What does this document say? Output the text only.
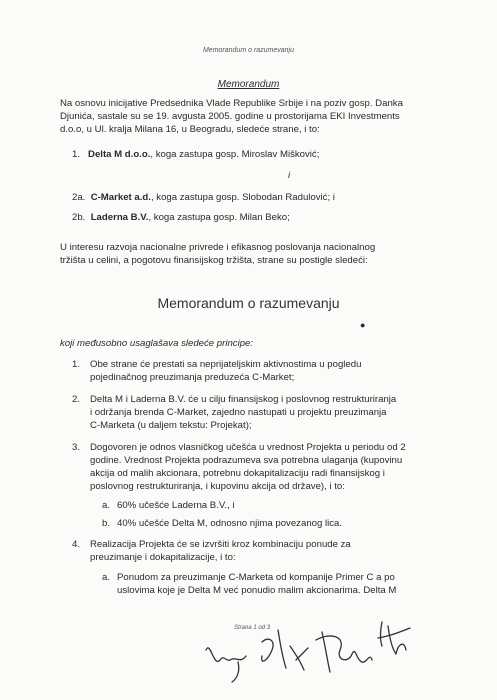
Memorandum o razumevanju
Memorandum
Na osnovu inicijative Predsednika Vlade Republike Srbije i na poziv gosp. Danka
Djunića, sastale su se 19. avgusta 2005. godine u prostorijama EKI Investments
d.o.o, u Ul. kralja Milana 16, u Beogradu, sledeće strane, i to:
1. Delta M d.o.o., koga zastupa gosp. Miroslav Mišković;
i
2a. C-Market a.d., koga zastupa gosp. Slobodan Radulović; i
2b. Laderna B.V., koga zastupa gosp. Milan Beko;
U interesu razvoja nacionalne privrede i efikasnog poslovanja nacionalnog
tržišta u celini, a pogotovu finansijskog tržišta, strane su postigle sledeći:
Memorandum o razumevanju
koji međusobno usaglašava sledeće principe:
1. Obe strane će prestati sa neprijateljskim aktivnostima u pogledu
pojedinačnog preuzimanja preduzeća C-Market;
2. Delta M i Laderna B.V. će u cilju finansijskog i poslovnog restrukturiranja
i održanja brenda C-Market, zajedno nastupati u projektu preuzimanja
C-Marketa (u daljem tekstu: Projekat);
3. Dogovoren je odnos vlasničkog učešća u vrednost Projekta u periodu od 2
godine. Vrednost Projekta podrazumeva sva potrebna ulaganja (kupovinu
akcija od malih akcionara, potrebnu dokapitalizaciju radi finansijskog i
poslovnog restrukturiranja, i kupovinu akcija od države), i to:
a. 60% učešće Laderna B.V., i
b. 40% učešće Delta M, odnosno njima povezanog lica.
4. Realizacija Projekta će se izvršiti kroz kombinaciju ponude za
preuzimanje i dokapitalizacije, i to:
a. Ponudom za preuzimanje C-Marketa od kompanije Primer C a po
uslovima koje je Delta M već ponudio malim akcionarima. Delta M
Strana 1 od 3
●
